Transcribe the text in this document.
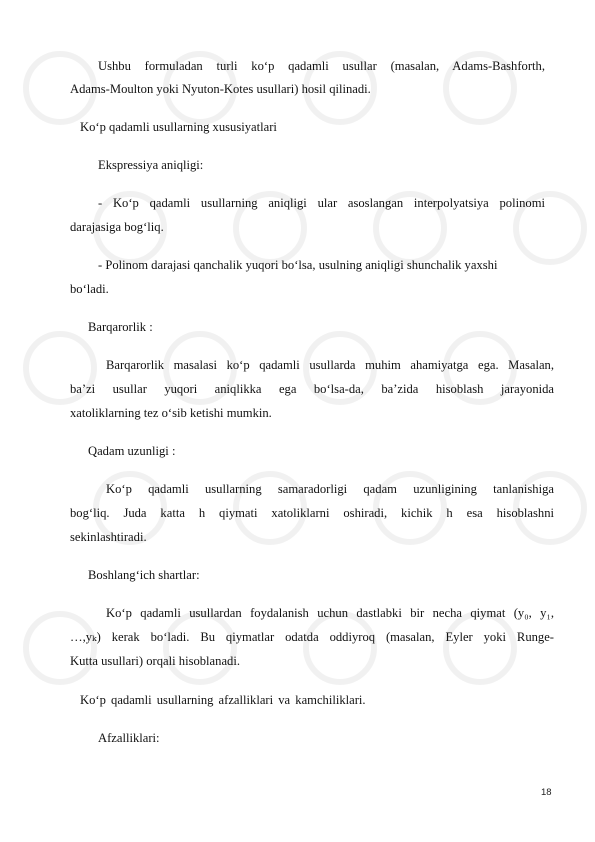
Ushbu formuladan turli ko‘p qadamli usullar (masalan, Adams-Bashforth,
Adams-Moulton yoki Nyuton-Kotes usullari) hosil qilinadi.
Ko‘p qadamli usullarning xususiyatlari
Ekspressiya aniqligi:
- Ko‘p qadamli usullarning aniqligi ular asoslangan interpolyatsiya polinomi
darajasiga bog‘liq.
- Polinom darajasi qanchalik yuqori bo‘lsa, usulning aniqligi shunchalik yaxshi
bo‘ladi.
Barqarorlik :
Barqarorlik masalasi ko‘p qadamli usullarda muhim ahamiyatga ega. Masalan,
ba’zi usullar yuqori aniqlikka ega bo‘lsa-da, ba’zida hisoblash jarayonida
xatoliklarning tez o‘sib ketishi mumkin.
Qadam uzunligi :
Ko‘p qadamli usullarning samaradorligi qadam uzunligining tanlanishiga
bog‘liq. Juda katta h qiymati xatoliklarni oshiradi, kichik h esa hisoblashni
sekinlashtiradi.
Boshlang‘ich shartlar:
Ko‘p qadamli usullardan foydalanish uchun dastlabki bir necha qiymat (y₀, y₁,
…,yₖ) kerak bo‘ladi. Bu qiymatlar odatda oddiyroq (masalan, Eyler yoki Runge-
Kutta usullari) orqali hisoblanadi.
Ko‘p qadamli usullarning afzalliklari va kamchiliklari.
Afzalliklari:
18
